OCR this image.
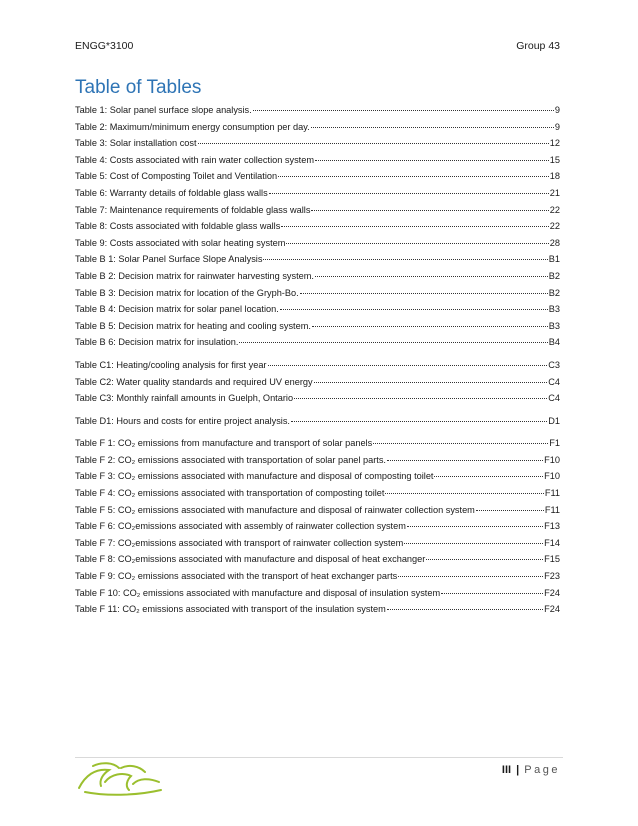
ENGG*3100	Group 43
Table of Tables
Table 1: Solar panel surface slope analysis.	9
Table 2: Maximum/minimum energy consumption per day.	9
Table 3: Solar installation cost	12
Table 4: Costs associated with rain water collection system	15
Table 5: Cost of Composting Toilet and Ventilation	18
Table 6: Warranty details of foldable glass walls	21
Table 7: Maintenance requirements of foldable glass walls	22
Table 8: Costs associated with foldable glass walls	22
Table 9: Costs associated with solar heating system	28
Table B 1: Solar Panel Surface Slope Analysis	B1
Table B 2: Decision matrix for rainwater harvesting system.	B2
Table B 3: Decision matrix for location of the Gryph-Bo.	B2
Table B 4: Decision matrix for solar panel location.	B3
Table B 5: Decision matrix for heating and cooling system.	B3
Table B 6: Decision matrix for insulation.	B4
Table C1: Heating/cooling analysis for first year	C3
Table C2: Water quality standards and required UV energy	C4
Table C3: Monthly rainfall amounts in Guelph, Ontario	C4
Table D1: Hours and costs for entire project analysis.	D1
Table F 1: CO₂ emissions from manufacture and transport of solar panels	F1
Table F 2: CO₂ emissions associated with transportation of solar panel parts.	F10
Table F 3: CO₂ emissions associated with manufacture and disposal of composting toilet	F10
Table F 4: CO₂ emissions associated with transportation of composting toilet	F11
Table F 5: CO₂ emissions associated with manufacture and disposal of rainwater collection system	F11
Table F 6: CO₂emissions associated with assembly of rainwater collection system	F13
Table F 7: CO₂emissions associated with transport of rainwater collection system	F14
Table F 8: CO₂emissions associated with manufacture and disposal of heat exchanger	F15
Table F 9: CO₂ emissions associated with the transport of heat exchanger parts	F23
Table F 10: CO₂ emissions associated with manufacture and disposal of insulation system	F24
Table F 11: CO₂ emissions associated with transport of the insulation system	F24
III | Page
